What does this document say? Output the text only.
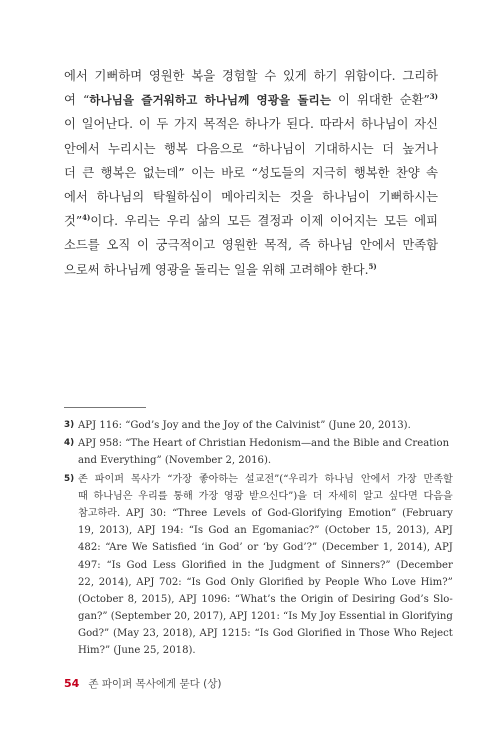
에서 기뻐하며 영원한 복을 경험할 수 있게 하기 위함이다. 그리하
여 “하나님을 즐거워하고 하나님께 영광을 돌리는 이 위대한 순환”$^{3)}$
이 일어난다. 이 두 가지 목적은 하나가 된다. 따라서 하나님이 자신
안에서 누리시는 행복 다음으로 “하나님이 기대하시는 더 높거나
더 큰 행복은 없는데” 이는 바로 “성도들의 지극히 행복한 찬양 속
에서 하나님의 탁월하심이 메아리치는 것을 하나님이 기뻐하시는
것”$^{4)}$이다. 우리는 우리 삶의 모든 결정과 이제 이어지는 모든 에피
소드를 오직 이 궁극적이고 영원한 목적, 즉 하나님 안에서 만족함
으로써 하나님께 영광을 돌리는 일을 위해 고려해야 한다.$^{5)}$
3) APJ 116: “God’s Joy and the Joy of the Calvinist” (June 20, 2013).
4) APJ 958: “The Heart of Christian Hedonism—and the Bible and Creation
and Everything” (November 2, 2016).
5) 존 파이퍼 목사가 “가장 좋아하는 설교전”(“우리가 하나님 안에서 가장 만족할
때 하나님은 우리를 통해 가장 영광 받으신다”)을 더 자세히 알고 싶다면 다음을
참고하라. APJ 30: “Three Levels of God-Glorifying Emotion” (February
19, 2013), APJ 194: “Is God an Egomaniac?” (October 15, 2013), APJ
482: “Are We Satisfied ‘in God’ or ‘by God’?” (December 1, 2014), APJ
497: “Is God Less Glorified in the Judgment of Sinners?” (December
22, 2014), APJ 702: “Is God Only Glorified by People Who Love Him?”
(October 8, 2015), APJ 1096: “What’s the Origin of Desiring God’s Slo-
gan?” (September 20, 2017), APJ 1201: “Is My Joy Essential in Glorifying
God?” (May 23, 2018), APJ 1215: “Is God Glorified in Those Who Reject
Him?” (June 25, 2018).
54 존 파이퍼 목사에게 묻다 (상)
